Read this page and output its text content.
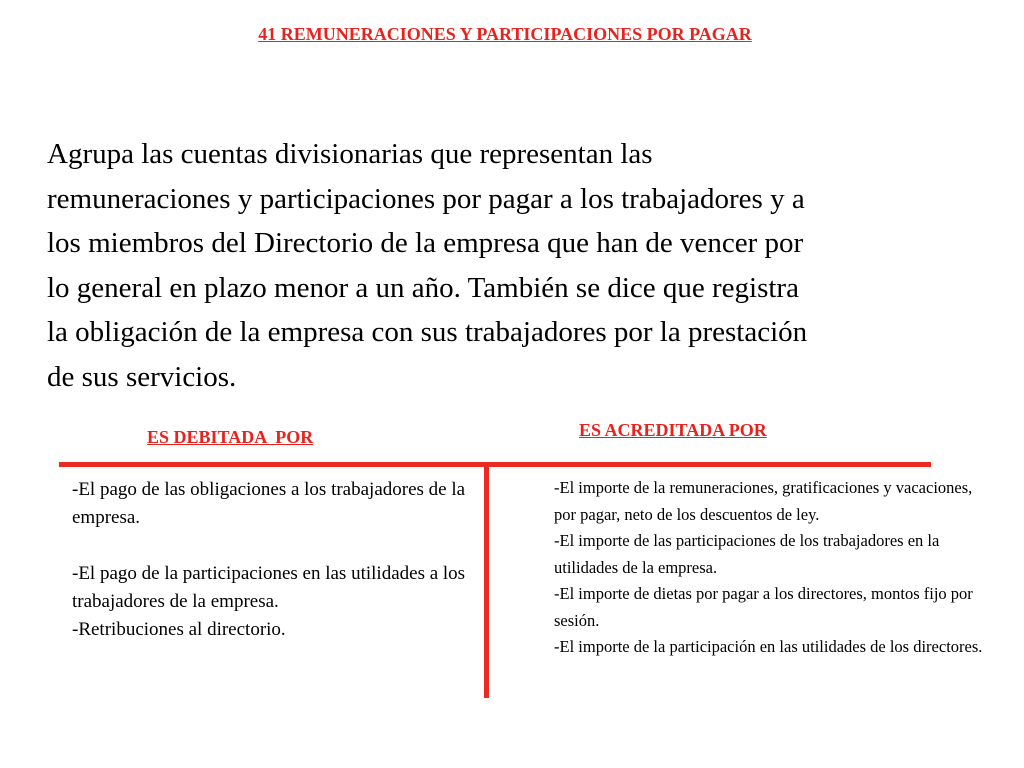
41 REMUNERACIONES Y PARTICIPACIONES POR PAGAR

Agrupa las cuentas divisionarias que representan las
remuneraciones y participaciones por pagar a los trabajadores y a
los miembros del Directorio de la empresa que han de vencer por
lo general en plazo menor a un año. También se dice que registra
la obligación de la empresa con sus trabajadores por la prestación
de sus servicios.

ES DEBITADA  POR	ES ACREDITADA POR

-El pago de las obligaciones a los trabajadores de la empresa.

-El pago de la participaciones en las utilidades a los trabajadores de la empresa.

-Retribuciones al directorio.

-El importe de la remuneraciones, gratificaciones y vacaciones, por pagar, neto de los descuentos de ley.

-El importe de las participaciones de los trabajadores en la utilidades de la empresa.

-El importe de dietas por pagar a los directores, montos fijo por sesión.

-El importe de la participación en las utilidades de los directores.
